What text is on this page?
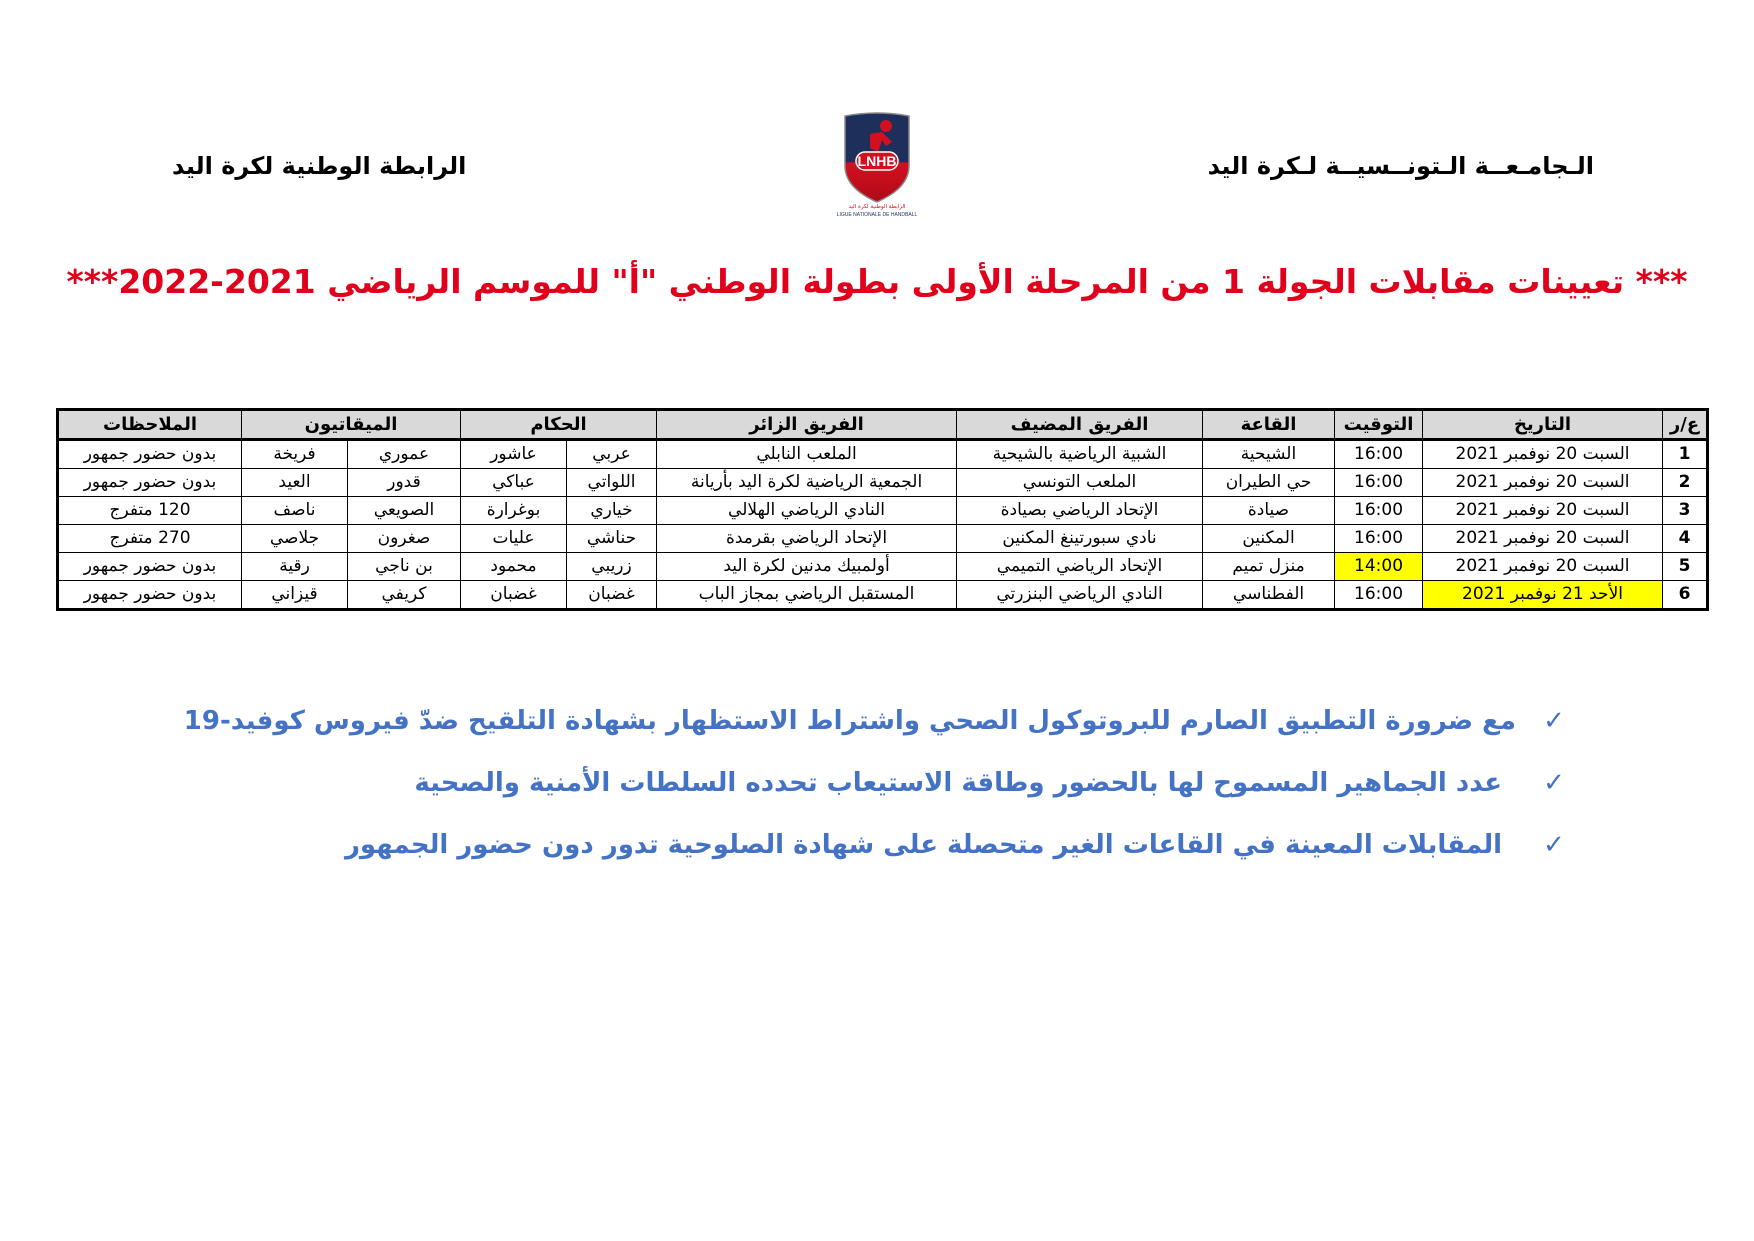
الـجامـعــة الـتونــسيــة لـكرة اليد
LNHB
الرابطة الوطنية لكرة اليد
LIGUE NATIONALE DE HANDBALL
الرابطة الوطنية لكرة اليد
*** تعيينات مقابلات الجولة 1 من المرحلة الأولى بطولة الوطني "أ" للموسم الرياضي 2021-2022***
ع/ر	التاريخ	التوقيت	القاعة	الفريق المضيف	الفريق الزائر	الحكام		الميقاتيون		الملاحظات
1	السبت 20 نوفمبر 2021	16:00	الشيحية	الشبية الرياضية بالشيحية	الملعب النابلي	عربي	عاشور	عموري	فريخة	بدون حضور جمهور
2	السبت 20 نوفمبر 2021	16:00	حي الطيران	الملعب التونسي	الجمعية الرياضية لكرة اليد بأريانة	اللواتي	عباكي	قدور	العيد	بدون حضور جمهور
3	السبت 20 نوفمبر 2021	16:00	صيادة	الإتحاد الرياضي بصيادة	النادي الرياضي الهلالي	خياري	بوغرارة	الصويعي	ناصف	120 متفرج
4	السبت 20 نوفمبر 2021	16:00	المكنين	نادي سبورتينغ المكنين	الإتحاد الرياضي بقرمدة	حناشي	عليات	صغرون	جلاصي	270 متفرج
5	السبت 20 نوفمبر 2021	14:00	منزل تميم	الإتحاد الرياضي التميمي	أولمبيك مدنين لكرة اليد	زريبي	محمود	بن ناجي	رقية	بدون حضور جمهور
6	الأحد 21 نوفمبر 2021	16:00	الفطناسي	النادي الرياضي البنزرتي	المستقبل الرياضي بمجاز الباب	غضبان	غضبان	كريفي	قيزاني	بدون حضور جمهور
✓
مع ضرورة التطبيق الصارم للبروتوكول الصحي واشتراط الاستظهار بشهادة التلقيح ضدّ فيروس كوفيد-19
✓
عدد الجماهير المسموح لها بالحضور وطاقة الاستيعاب تحدده السلطات الأمنية والصحية
✓
المقابلات المعينة في القاعات الغير متحصلة على شهادة الصلوحية تدور دون حضور الجمهور
